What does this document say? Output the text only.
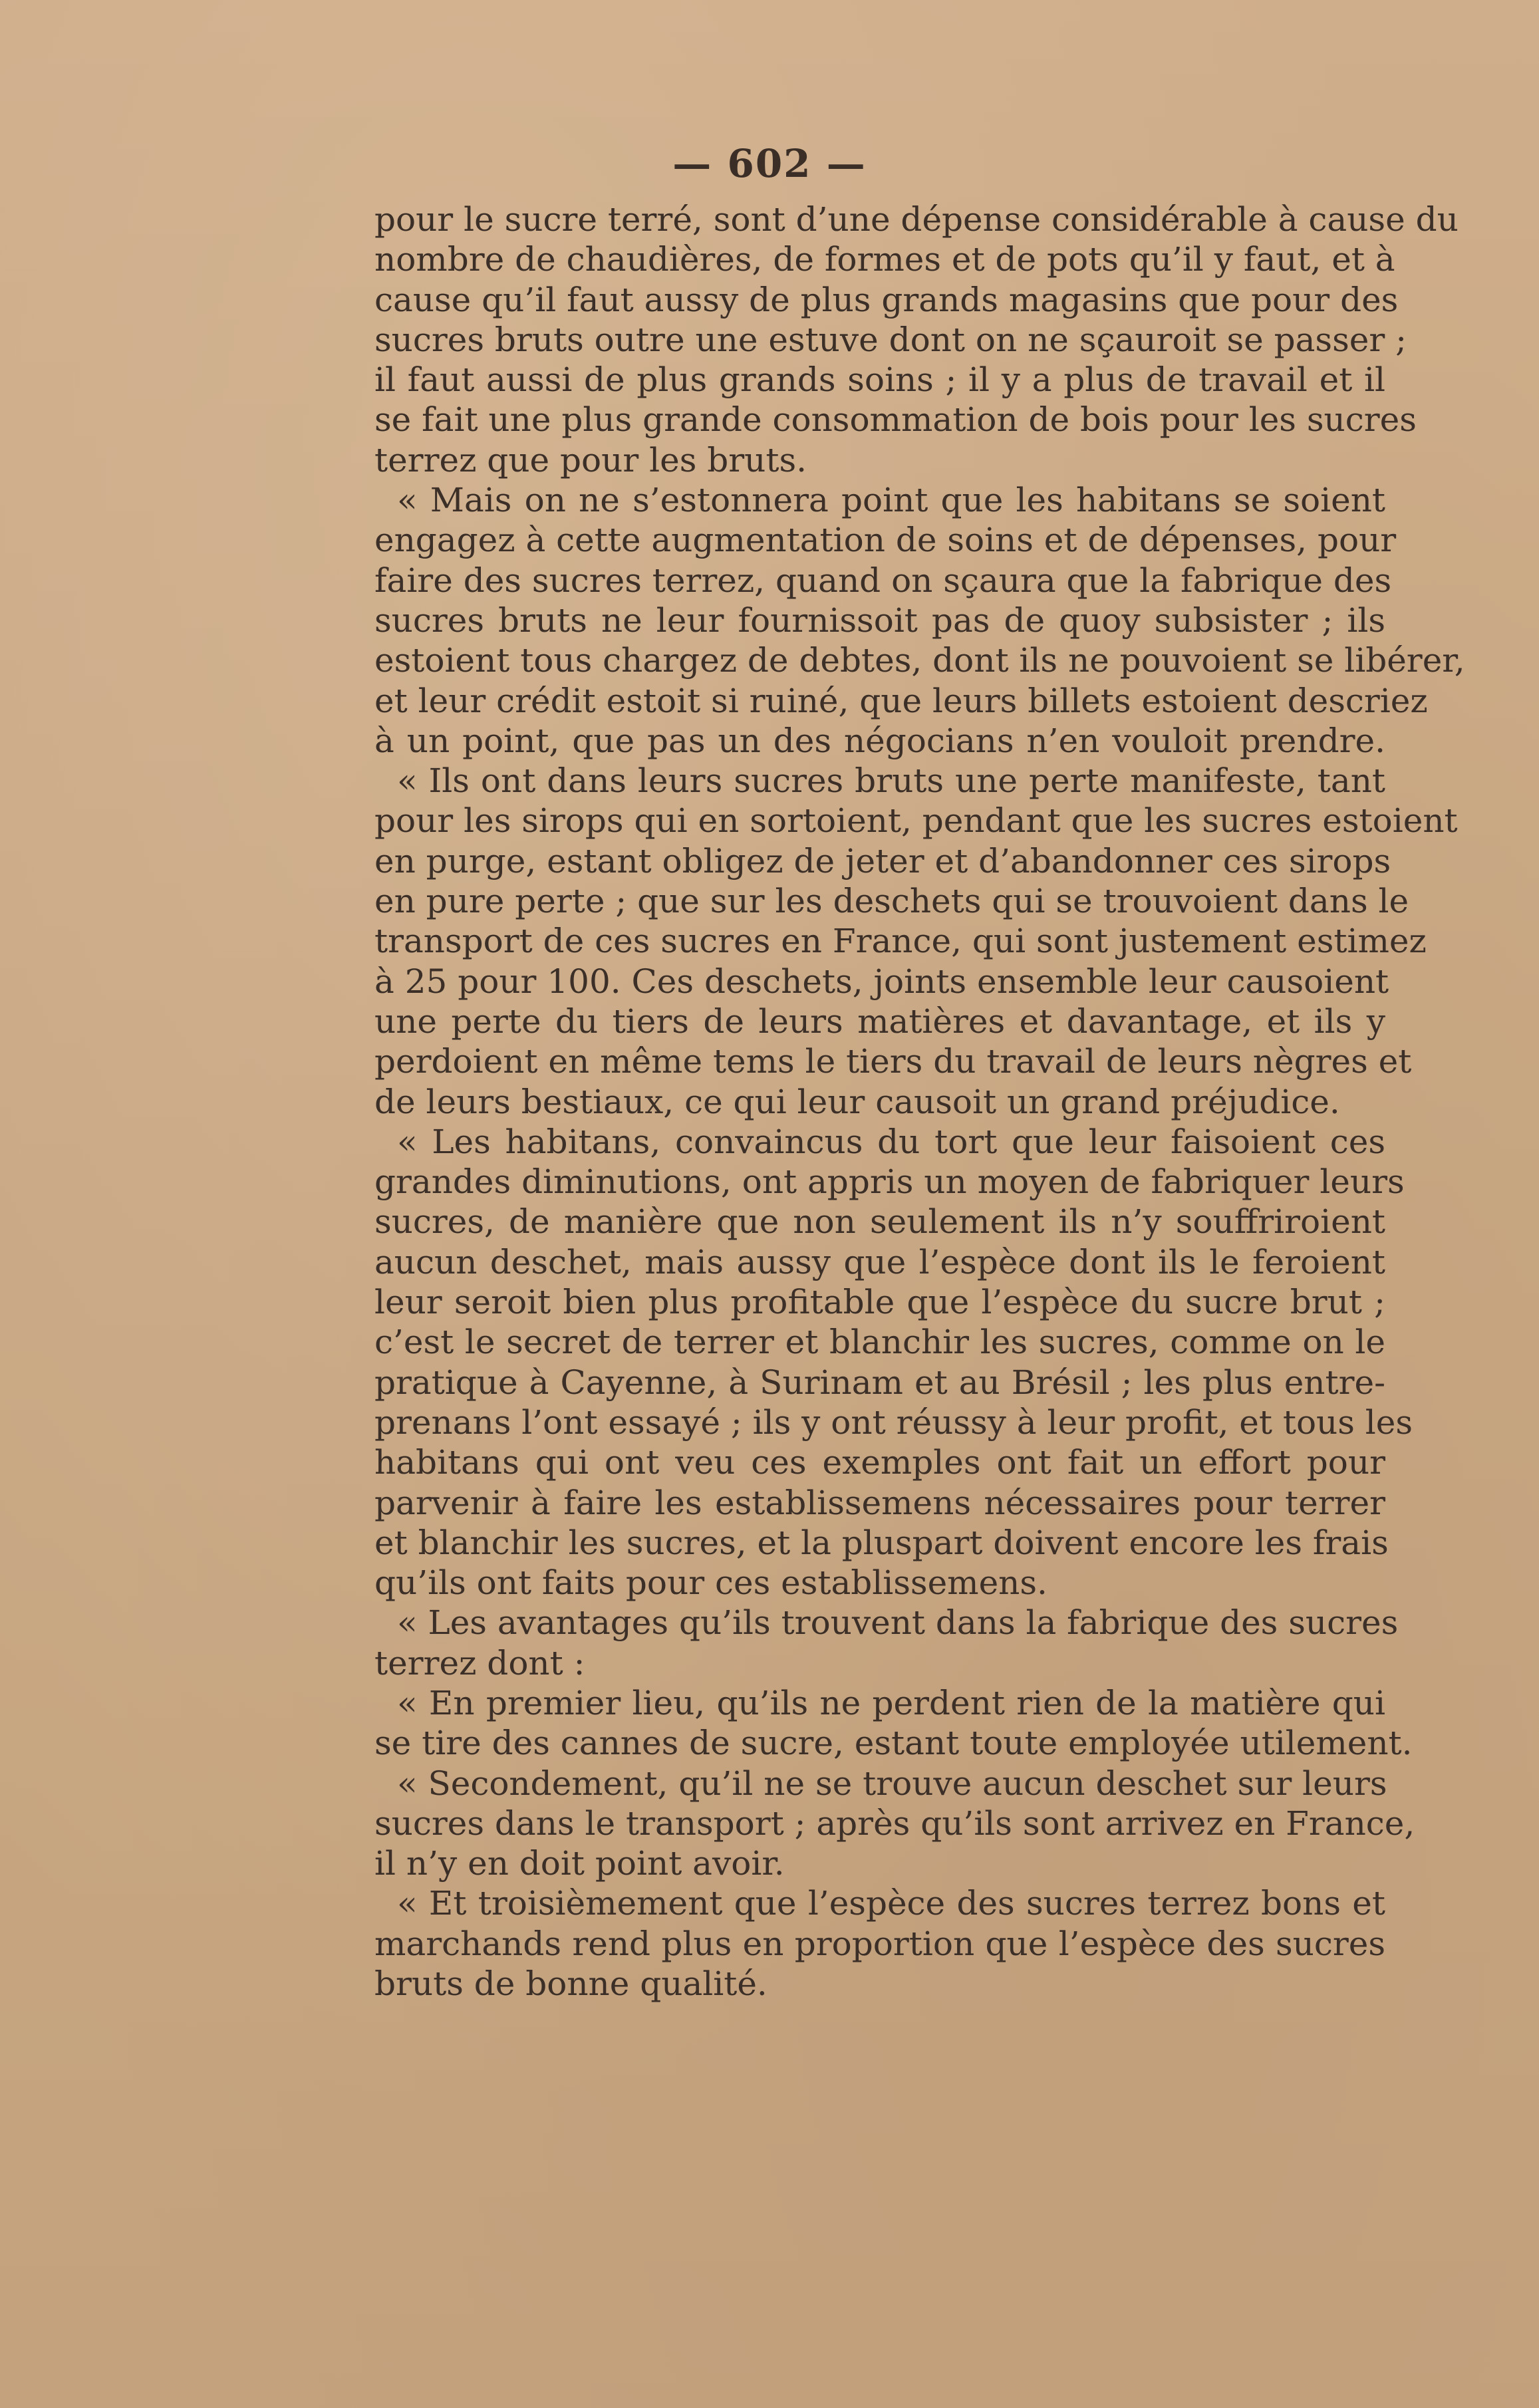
— 602 —

pour le sucre terré, sont d’une dépense considérable à cause du
nombre de chaudières, de formes et de pots qu’il y faut, et à
cause qu’il faut aussy de plus grands magasins que pour des
sucres bruts outre une estuve dont on ne sçauroit se passer ;
il faut aussi de plus grands soins ; il y a plus de travail et il
se fait une plus grande consommation de bois pour les sucres
terrez que pour les bruts.

« Mais on ne s’estonnera point que les habitans se soient
engagez à cette augmentation de soins et de dépenses, pour
faire des sucres terrez, quand on sçaura que la fabrique des
sucres bruts ne leur fournissoit pas de quoy subsister ; ils
estoient tous chargez de debtes, dont ils ne pouvoient se libérer,
et leur crédit estoit si ruiné, que leurs billets estoient descriez
à un point, que pas un des négocians n’en vouloit prendre.

« Ils ont dans leurs sucres bruts une perte manifeste, tant
pour les sirops qui en sortoient, pendant que les sucres estoient
en purge, estant obligez de jeter et d’abandonner ces sirops
en pure perte ; que sur les deschets qui se trouvoient dans le
transport de ces sucres en France, qui sont justement estimez
à 25 pour 100. Ces deschets, joints ensemble leur causoient
une perte du tiers de leurs matières et davantage, et ils y
perdoient en même tems le tiers du travail de leurs nègres et
de leurs bestiaux, ce qui leur causoit un grand préjudice.

« Les habitans, convaincus du tort que leur faisoient ces
grandes diminutions, ont appris un moyen de fabriquer leurs
sucres, de manière que non seulement ils n’y souffriroient
aucun deschet, mais aussy que l’espèce dont ils le feroient
leur seroit bien plus profitable que l’espèce du sucre brut ;
c’est le secret de terrer et blanchir les sucres, comme on le
pratique à Cayenne, à Surinam et au Brésil ; les plus entre-
prenans l’ont essayé ; ils y ont réussy à leur profit, et tous les
habitans qui ont veu ces exemples ont fait un effort pour
parvenir à faire les establissemens nécessaires pour terrer
et blanchir les sucres, et la pluspart doivent encore les frais
qu’ils ont faits pour ces establissemens.

« Les avantages qu’ils trouvent dans la fabrique des sucres
terrez dont :

« En premier lieu, qu’ils ne perdent rien de la matière qui
se tire des cannes de sucre, estant toute employée utilement.

« Secondement, qu’il ne se trouve aucun deschet sur leurs
sucres dans le transport ; après qu’ils sont arrivez en France,
il n’y en doit point avoir.

« Et troisièmement que l’espèce des sucres terrez bons et
marchands rend plus en proportion que l’espèce des sucres
bruts de bonne qualité.
